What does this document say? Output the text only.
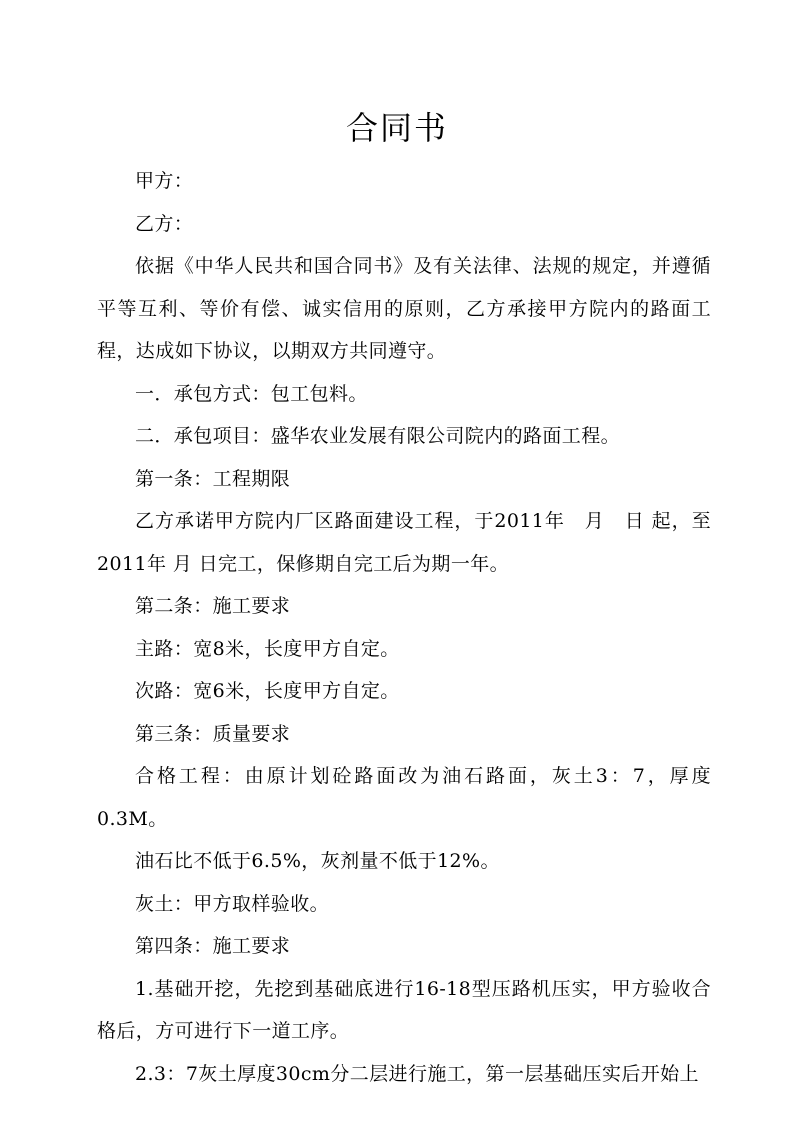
合同书

甲方：

乙方：

依据《中华人民共和国合同书》及有关法律、法规的规定，并遵循平等互利、等价有偿、诚实信用的原则，乙方承接甲方院内的路面工程，达成如下协议，以期双方共同遵守。

一．承包方式：包工包料。

二．承包项目：盛华农业发展有限公司院内的路面工程。

第一条：工程期限

乙方承诺甲方院内厂区路面建设工程，于2011年　月　日 起，至2011年 月 日完工，保修期自完工后为期一年。

第二条：施工要求

主路：宽8米，长度甲方自定。

次路：宽6米，长度甲方自定。

第三条：质量要求

合格工程：由原计划砼路面改为油石路面，灰土3：7，厚度0.3M。

油石比不低于6.5%，灰剂量不低于12%。

灰土：甲方取样验收。

第四条：施工要求

1.基础开挖，先挖到基础底进行16-18型压路机压实，甲方验收合格后，方可进行下一道工序。

2.3：7灰土厚度30cm分二层进行施工，第一层基础压实后开始上
